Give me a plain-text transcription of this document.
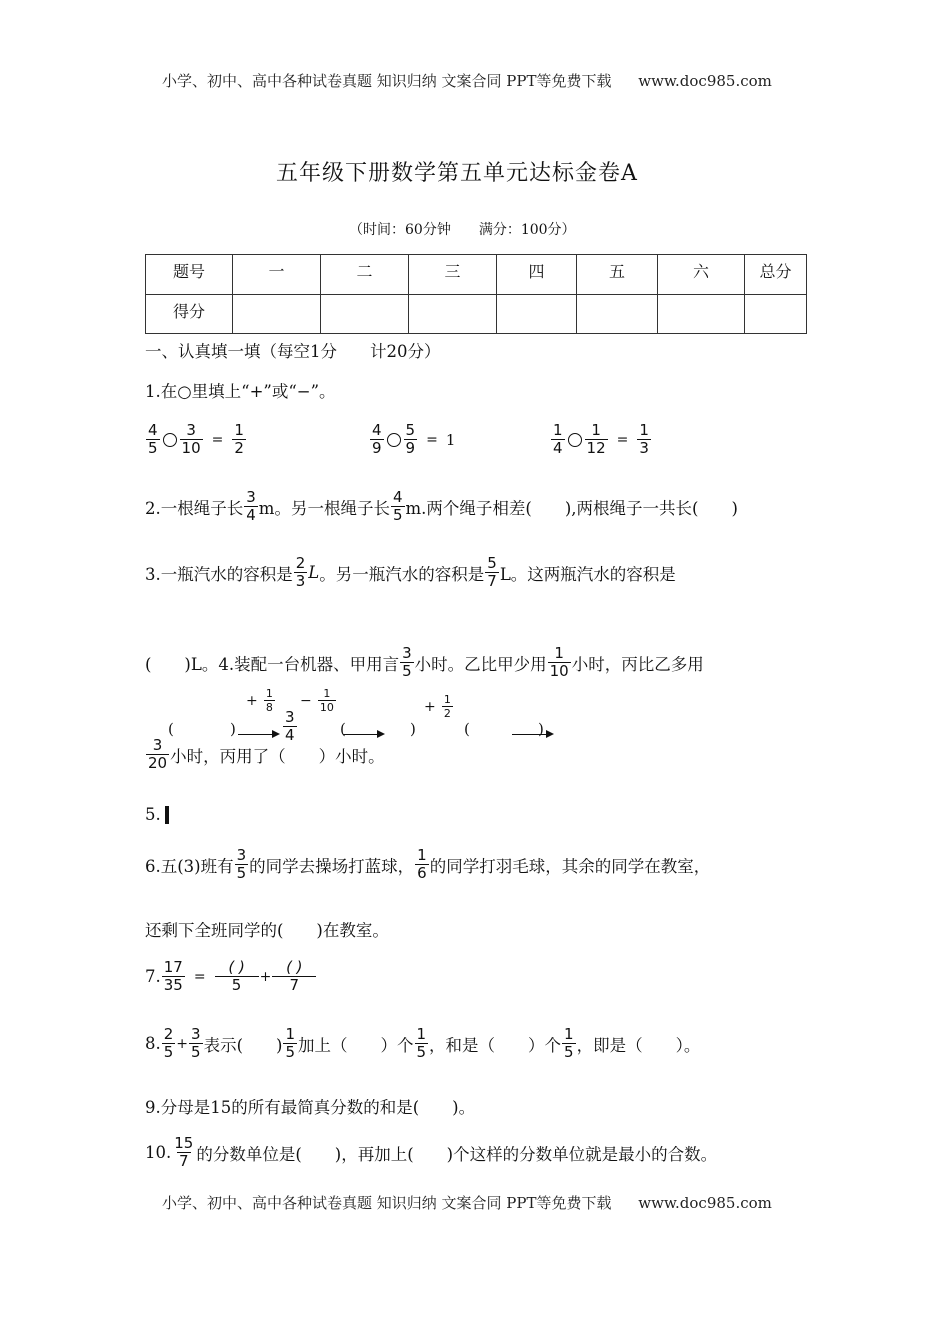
小学、初中、高中各种试卷真题 知识归纳 文案合同 PPT等免费下载 www.doc985.com
五年级下册数学第五单元达标金卷A
（时间：60分钟　　满分：100分）
题号	一	二	三	四	五	六	总分
得分							
一、认真填一填（每空1分　　计20分）
1.在○里填上“+”或“−”。
$\frac{4}{5} \frac{3}{10} = \frac{1}{2}$	$\frac{4}{9} \frac{5}{9} = 1$	$\frac{1}{4} \frac{1}{12} = \frac{1}{3}$
2.一根绳子长 $\frac{3}{4}$ m。另一根绳子长 $\frac{4}{5} m$.两个绳子相差(　　),两根绳子一共长(　　)
3.一瓶汽水的容积是 $\frac{2}{3}$ L 。另一瓶汽水的容积是 $\frac{5}{7}$ L。这两瓶汽水的容积是
(　　)L。4.装配一台机器、甲用言 $\frac{3}{5}$ 小时。乙比甲少用 $\frac{1}{10}$ 小时，丙比乙多用
(	)
+ $\frac{1}{8}$

$\frac{3}{4}$
− $\frac{1}{10}$

(	)
+ $\frac{1}{2}$
(	)
$\frac{3}{20}$ 小时，丙用了（　　）小时。
5.
6.五(3)班有 $\frac{3}{5}$ 的同学去操场打蓝球， $\frac{1}{6}$ 的同学打羽毛球，其余的同学在教室，
还剩下全班同学的(　　)在教室。
7. $\frac{17}{35} = \frac{( )}{5} + \frac{( )}{7}$
8. $\frac{2}{5} + \frac{3}{5}$ 表示(　　) $\frac{1}{5}$ 加上（　　）个 $\frac{1}{5}$ ，和是（　　）个 $\frac{1}{5}$ ，即是（　　）。
9.分母是15的所有最简真分数的和是(　　)。
10. $\frac{15}{7}$ 的分数单位是(　　)，再加上(　　)个这样的分数单位就是最小的合数。
小学、初中、高中各种试卷真题 知识归纳 文案合同 PPT等免费下载 www.doc985.com
